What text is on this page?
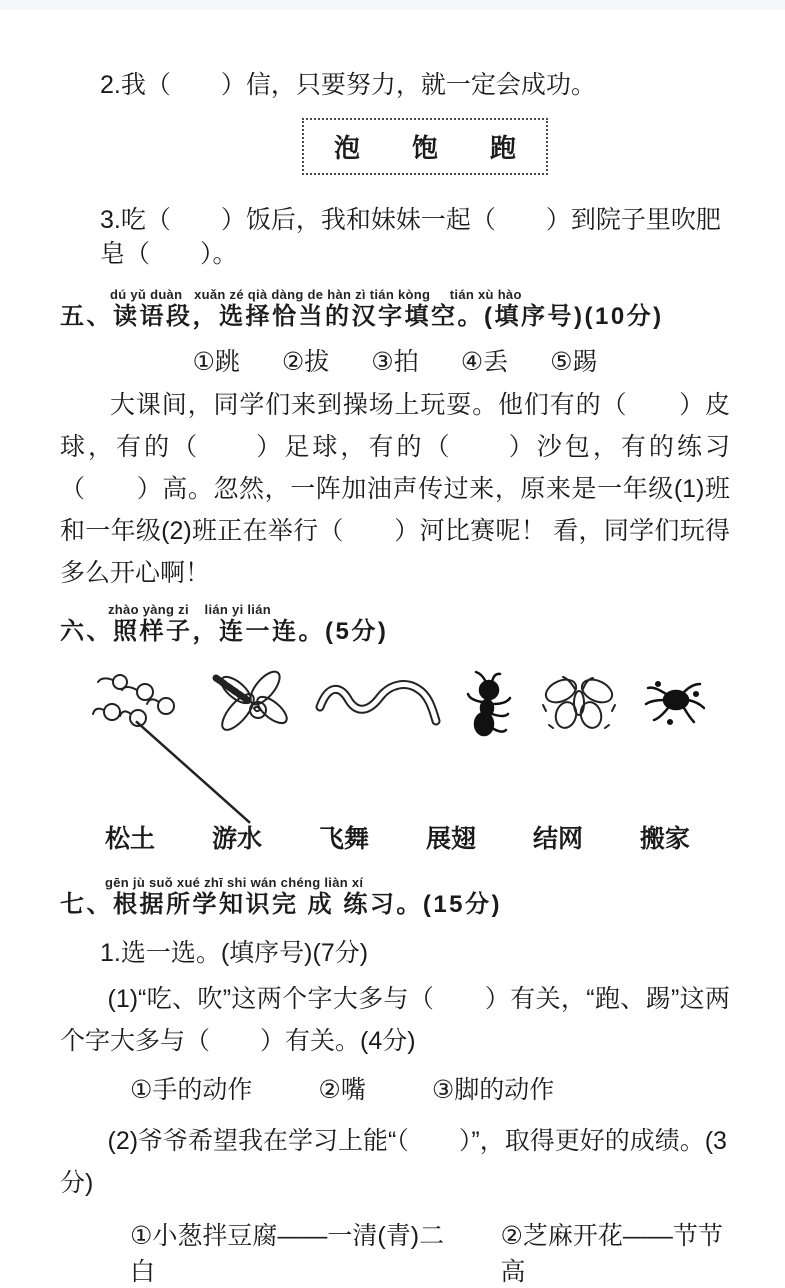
2.我（　　）信，只要努力，就一定会成功。
泡 饱 跑
3.吃（　　）饭后，我和妹妹一起（　　）到院子里吹肥皂（　　）。
dú yǔ duàn   xuǎn zé qià dàng de hàn zì tián kòng     tián xù hào
五、读语段，选择恰当的汉字填空。(填序号)(10分)
①跳 ②拔 ③拍 ④丢 ⑤踢
大课间，同学们来到操场上玩耍。他们有的（　　）皮球，有的（　　）足球，有的（　　）沙包，有的练习（　　）高。忽然，一阵加油声传过来，原来是一年级(1)班和一年级(2)班正在举行（　　）河比赛呢！ 看，同学们玩得多么开心啊！
zhào yàng zi    lián yi lián
六、照样子，连一连。(5分)
松土 游水 飞舞 展翅 结网 搬家
gēn jù suǒ xué zhī shi wán chéng liàn xí
七、根据所学知识完 成 练习。(15分)
1.选一选。(填序号)(7分)
(1)“吃、吹”这两个字大多与（　　）有关，“跑、踢”这两个字大多与（　　）有关。(4分)
①手的动作	②嘴	③脚的动作
(2)爷爷希望我在学习上能“（　　）”，取得更好的成绩。(3分)
①小葱拌豆腐——一清(青)二白
②芝麻开花——节节高
